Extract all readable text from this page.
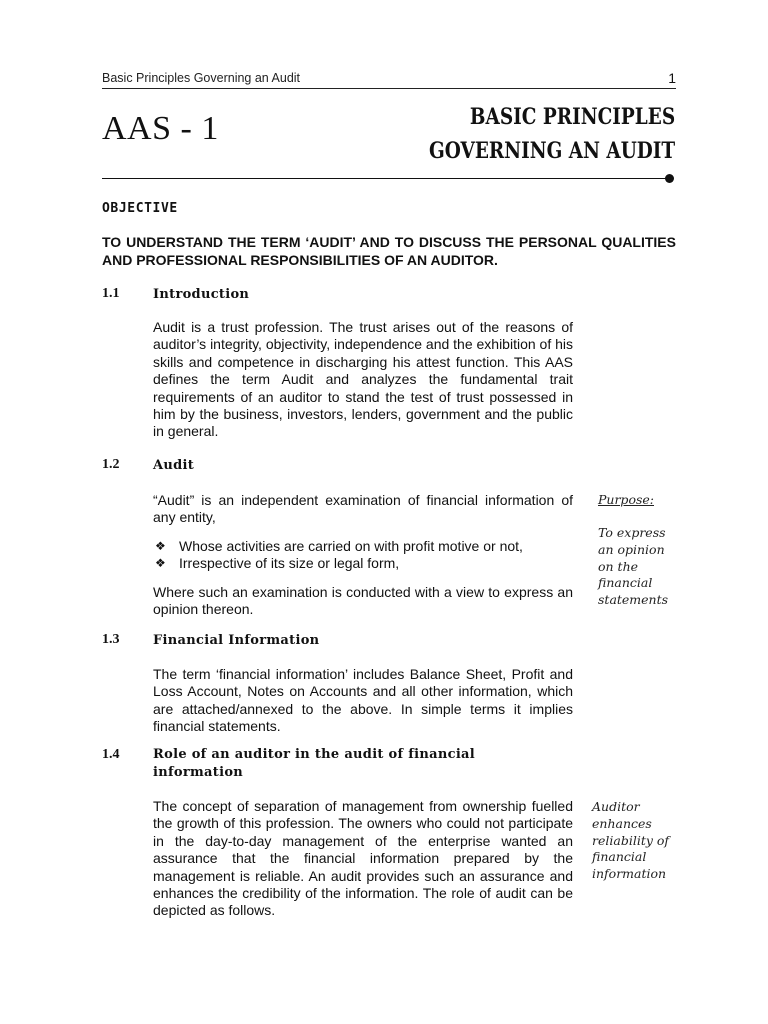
Basic Principles Governing an Audit	1
AAS - 1	BASIC PRINCIPLES
GOVERNING AN AUDIT
OBJECTIVE
TO UNDERSTAND THE TERM ‘AUDIT’ AND TO DISCUSS THE PERSONAL QUALITIES AND PROFESSIONAL RESPONSIBILITIES OF AN AUDITOR.
1.1	Introduction
Audit is a trust profession. The trust arises out of the reasons of auditor’s integrity, objectivity, independence and the exhibition of his skills and competence in discharging his attest function. This AAS defines the term Audit and analyzes the fundamental trait requirements of an auditor to stand the test of trust possessed in him by the business, investors, lenders, government and the public in general.
1.2	Audit
“Audit” is an independent examination of financial information of any entity,
❖ Whose activities are carried on with profit motive or not,
❖ Irrespective of its size or legal form,
Where such an examination is conducted with a view to express an opinion thereon.
Purpose:
To express an opinion on the financial statements
1.3	Financial Information
The term ‘financial information’ includes Balance Sheet, Profit and Loss Account, Notes on Accounts and all other information, which are attached/annexed to the above. In simple terms it implies financial statements.
1.4	Role of an auditor in the audit of financial
information
The concept of separation of management from ownership fuelled the growth of this profession. The owners who could not participate in the day-to-day management of the enterprise wanted an assurance that the financial information prepared by the management is reliable. An audit provides such an assurance and enhances the credibility of the information. The role of audit can be depicted as follows.
Auditor enhances reliability of financial information
